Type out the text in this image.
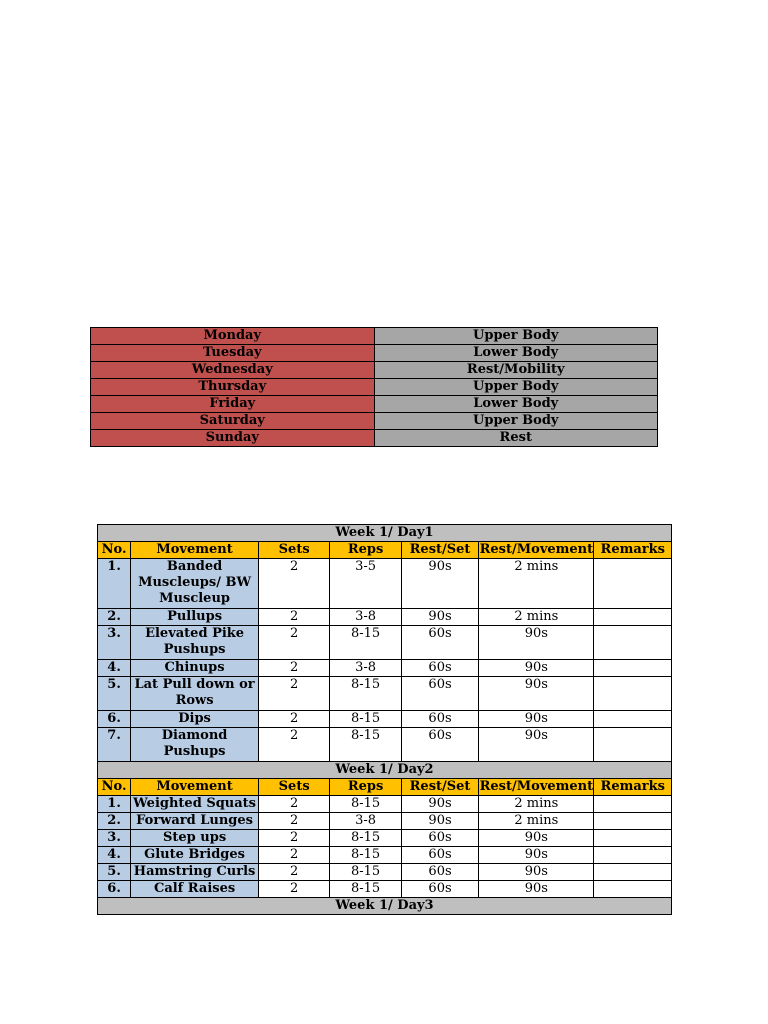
Monday	Upper Body
Tuesday	Lower Body
Wednesday	Rest/Mobility
Thursday	Upper Body
Friday	Lower Body
Saturday	Upper Body
Sunday	Rest
Week 1/ Day1						
No.	Movement	Sets	Reps	Rest/Set	Rest/Movement	Remarks
1.	Banded Muscleups/ BW Muscleup	2	3-5	90s	2 mins	
2.	Pullups	2	3-8	90s	2 mins	
3.	Elevated Pike Pushups	2	8-15	60s	90s	
4.	Chinups	2	3-8	60s	90s	
5.	Lat Pull down or Rows	2	8-15	60s	90s	
6.	Dips	2	8-15	60s	90s	
7.	Diamond Pushups	2	8-15	60s	90s	
Week 1/ Day2						
No.	Movement	Sets	Reps	Rest/Set	Rest/Movement	Remarks
1.	Weighted Squats	2	8-15	90s	2 mins	
2.	Forward Lunges	2	3-8	90s	2 mins	
3.	Step ups	2	8-15	60s	90s	
4.	Glute Bridges	2	8-15	60s	90s	
5.	Hamstring Curls	2	8-15	60s	90s	
6.	Calf Raises	2	8-15	60s	90s	
Week 1/ Day3						
